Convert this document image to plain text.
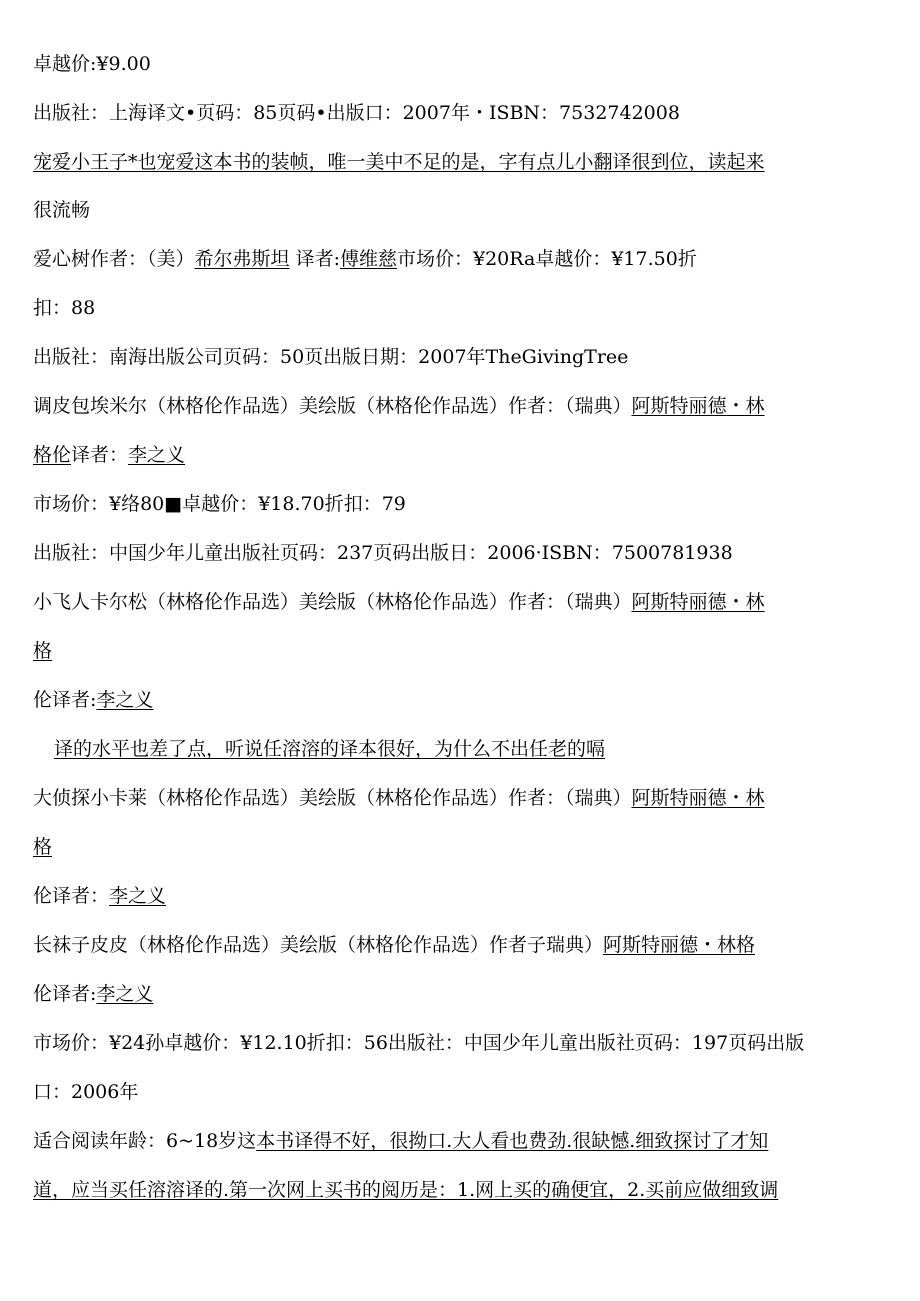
卓越价:¥9.00
出版社：上海译文•页码：85页码•出版口：2007年・ISBN：7532742008
宠爱小王子*也宠爱这本书的装帧，唯一美中不足的是，字有点儿小翻译很到位，读起来
很流畅
爱心树作者：（美）希尔弗斯坦 译者:傅维慈市场价：¥20Ra卓越价：¥17.50折
扣：88
出版社：南海出版公司页码：50页出版日期：2007年TheGivingTree
调皮包埃米尔（林格伦作品选）美绘版（林格伦作品选）作者：（瑞典）阿斯特丽德・林
格伦译者：李之义
市场价：¥络80■卓越价：¥18.70折扣：79
出版社：中国少年儿童出版社页码：237页码出版日：2006·ISBN：7500781938
小飞人卡尔松（林格伦作品选）美绘版（林格伦作品选）作者：（瑞典）阿斯特丽德・林
格
伦译者:李之义
译的水平也差了点，听说任溶溶的译本很好，为什么不出任老的嗝
大侦探小卡莱（林格伦作品选）美绘版（林格伦作品选）作者：（瑞典）阿斯特丽德・林
格
伦译者：李之义
长袜子皮皮（林格伦作品选）美绘版（林格伦作品选）作者子瑞典）阿斯特丽德・林格
伦译者:李之义
市场价：¥24孙卓越价：¥12.10折扣：56出版社：中国少年儿童出版社页码：197页码出版
口：2006年
适合阅读年龄：6~18岁这本书译得不好，很拗口.大人看也费劲.很缺憾.细致探讨了才知
道，应当买任溶溶译的.第一次网上买书的阅历是：1.网上买的确便宜，2.买前应做细致调
